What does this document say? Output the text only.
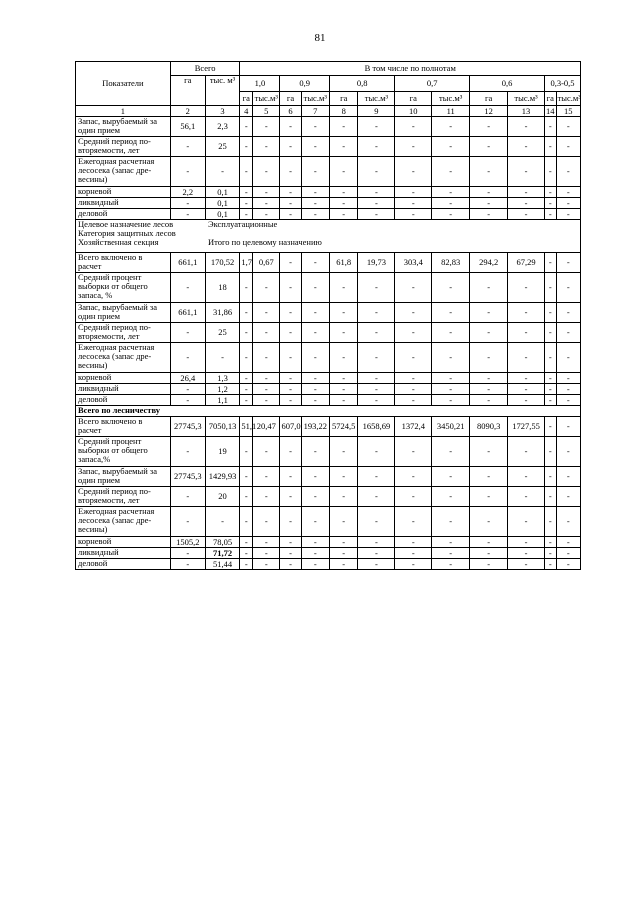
81
Показатели	Всего		В том числе по полнотам											
	га	тыс. м³	1,0		0,9		0,8		0,7		0,6		0,3-0,5	
			га	тыс.м³	га	тыс.м³	га	тыс.м³	га	тыс.м³	га	тыс.м³	га	тыс.м³
1	2	3	4	5	6	7	8	9	10	11	12	13	14	15
Запас, вырубаемый за один прием	56,1	2,3	-	-	-	-	-	-	-	-	-	-	-	-
Средний период по-вторяемости, лет	-	25	-	-	-	-	-	-	-	-	-	-	-	-
Ежегодная расчетная лесосека (запас дре-весины)	-	-	-	-	-	-	-	-	-	-	-	-	-	-
корневой	2,2	0,1	-	-	-	-	-	-	-	-	-	-	-	-
ликвидный	-	0,1	-	-	-	-	-	-	-	-	-	-	-	-
деловой	-	0,1	-	-	-	-	-	-	-	-	-	-	-	-

Целевое назначение лесов Эксплуатационные
Категория защитных лесов
Хозяйственная секция Итого по целевому назначению														

Всего включено в расчет	661,1	170,52	1,7	0,67	-	-	61,8	19,73	303,4	82,83	294,2	67,29	-	-
Средний процент выборки от общего запаса, %	-	18	-	-	-	-	-	-	-	-	-	-	-	-
Запас, вырубаемый за один прием	661,1	31,86	-	-	-	-	-	-	-	-	-	-	-	-
Средний период по-вторяемости, лет	-	25	-	-	-	-	-	-	-	-	-	-	-	-
Ежегодная расчетная лесосека (запас дре-весины)	-	-	-	-	-	-	-	-	-	-	-	-	-	-
корневой	26,4	1,3	-	-	-	-	-	-	-	-	-	-	-	-
ликвидный	-	1,2	-	-	-	-	-	-	-	-	-	-	-	-
деловой	-	1,1	-	-	-	-	-	-	-	-	-	-	-	-
Всего по лесничеству														
Всего включено в расчет	27745,3	7050,13	51,1	20,47	607,0	193,22	5724,5	1658,69	1372,4	3450,21	8090,3	1727,55	-	-
Средний процент выборки от общего запаса,%	-	19	-	-	-	-	-	-	-	-	-	-	-	-
Запас, вырубаемый за один прием	27745,3	1429,93	-	-	-	-	-	-	-	-	-	-	-	-
Средний период по-вторяемости, лет	-	20	-	-	-	-	-	-	-	-	-	-	-	-
Ежегодная расчетная лесосека (запас дре-весины)	-	-	-	-	-	-	-	-	-	-	-	-	-	-
корневой	1505,2	78,05	-	-	-	-	-	-	-	-	-	-	-	-
ликвидный	-	71,72	-	-	-	-	-	-	-	-	-	-	-	-
деловой	-	51,44	-	-	-	-	-	-	-	-	-	-	-	-
